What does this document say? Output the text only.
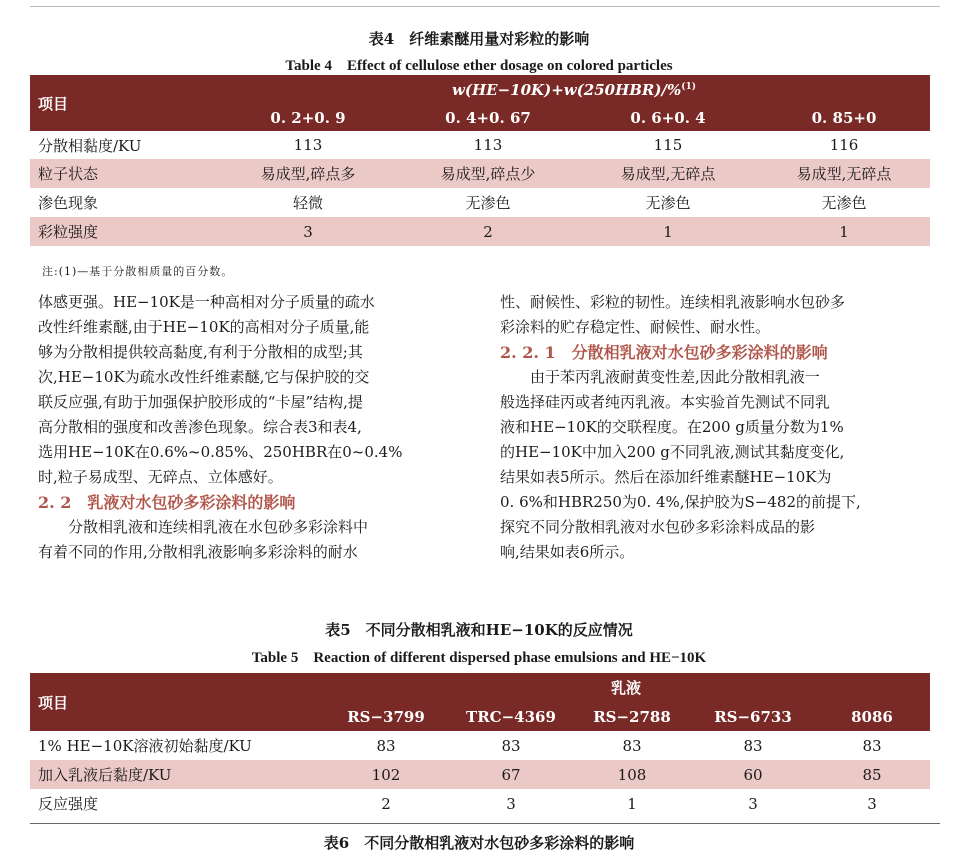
表4　纤维素醚用量对彩粒的影响
Table 4　Effect of cellulose ether dosage on colored particles
项目	w(HE−10K)+w(250HBR)/%$^{(1)}$
	0. 2+0. 9	0. 4+0. 67	0. 6+0. 4	0. 85+0
分散相黏度/KU	113	113	115	116
粒子状态	易成型,碎点多	易成型,碎点少	易成型,无碎点	易成型,无碎点
渗色现象	轻微	无渗色	无渗色	无渗色
彩粒强度	3	2	1	1
注:(1)—基于分散相质量的百分数。

体感更强。HE−10K是一种高相对分子质量的疏水

改性纤维素醚,由于HE−10K的高相对分子质量,能

够为分散相提供较高黏度,有利于分散相的成型;其

次,HE−10K为疏水改性纤维素醚,它与保护胶的交

联反应强,有助于加强保护胶形成的“卡屋”结构,提

高分散相的强度和改善渗色现象。综合表3和表4,

选用HE−10K在0.6%~0.85%、250HBR在0~0.4%

时,粒子易成型、无碎点、立体感好。

2. 2　乳液对水包砂多彩涂料的影响

　　分散相乳液和连续相乳液在水包砂多彩涂料中

有着不同的作用,分散相乳液影响多彩涂料的耐水

性、耐候性、彩粒的韧性。连续相乳液影响水包砂多

彩涂料的贮存稳定性、耐候性、耐水性。

2. 2. 1　分散相乳液对水包砂多彩涂料的影响

　　由于苯丙乳液耐黄变性差,因此分散相乳液一

般选择硅丙或者纯丙乳液。本实验首先测试不同乳

液和HE−10K的交联程度。在200 g质量分数为1%

的HE−10K中加入200 g不同乳液,测试其黏度变化,

结果如表5所示。然后在添加纤维素醚HE−10K为

0. 6%和HBR250为0. 4%,保护胶为S−482的前提下,

探究不同分散相乳液对水包砂多彩涂料成品的影

响,结果如表6所示。

表5　不同分散相乳液和HE−10K的反应情况
Table 5　Reaction of different dispersed phase emulsions and HE−10K
项目	乳液				
	RS−3799	TRC−4369	RS−2788	RS−6733	8086
1% HE−10K溶液初始黏度/KU	83	83	83	83	83
加入乳液后黏度/KU	102	67	108	60	85
反应强度	2	3	1	3	3
表6　不同分散相乳液对水包砂多彩涂料的影响
